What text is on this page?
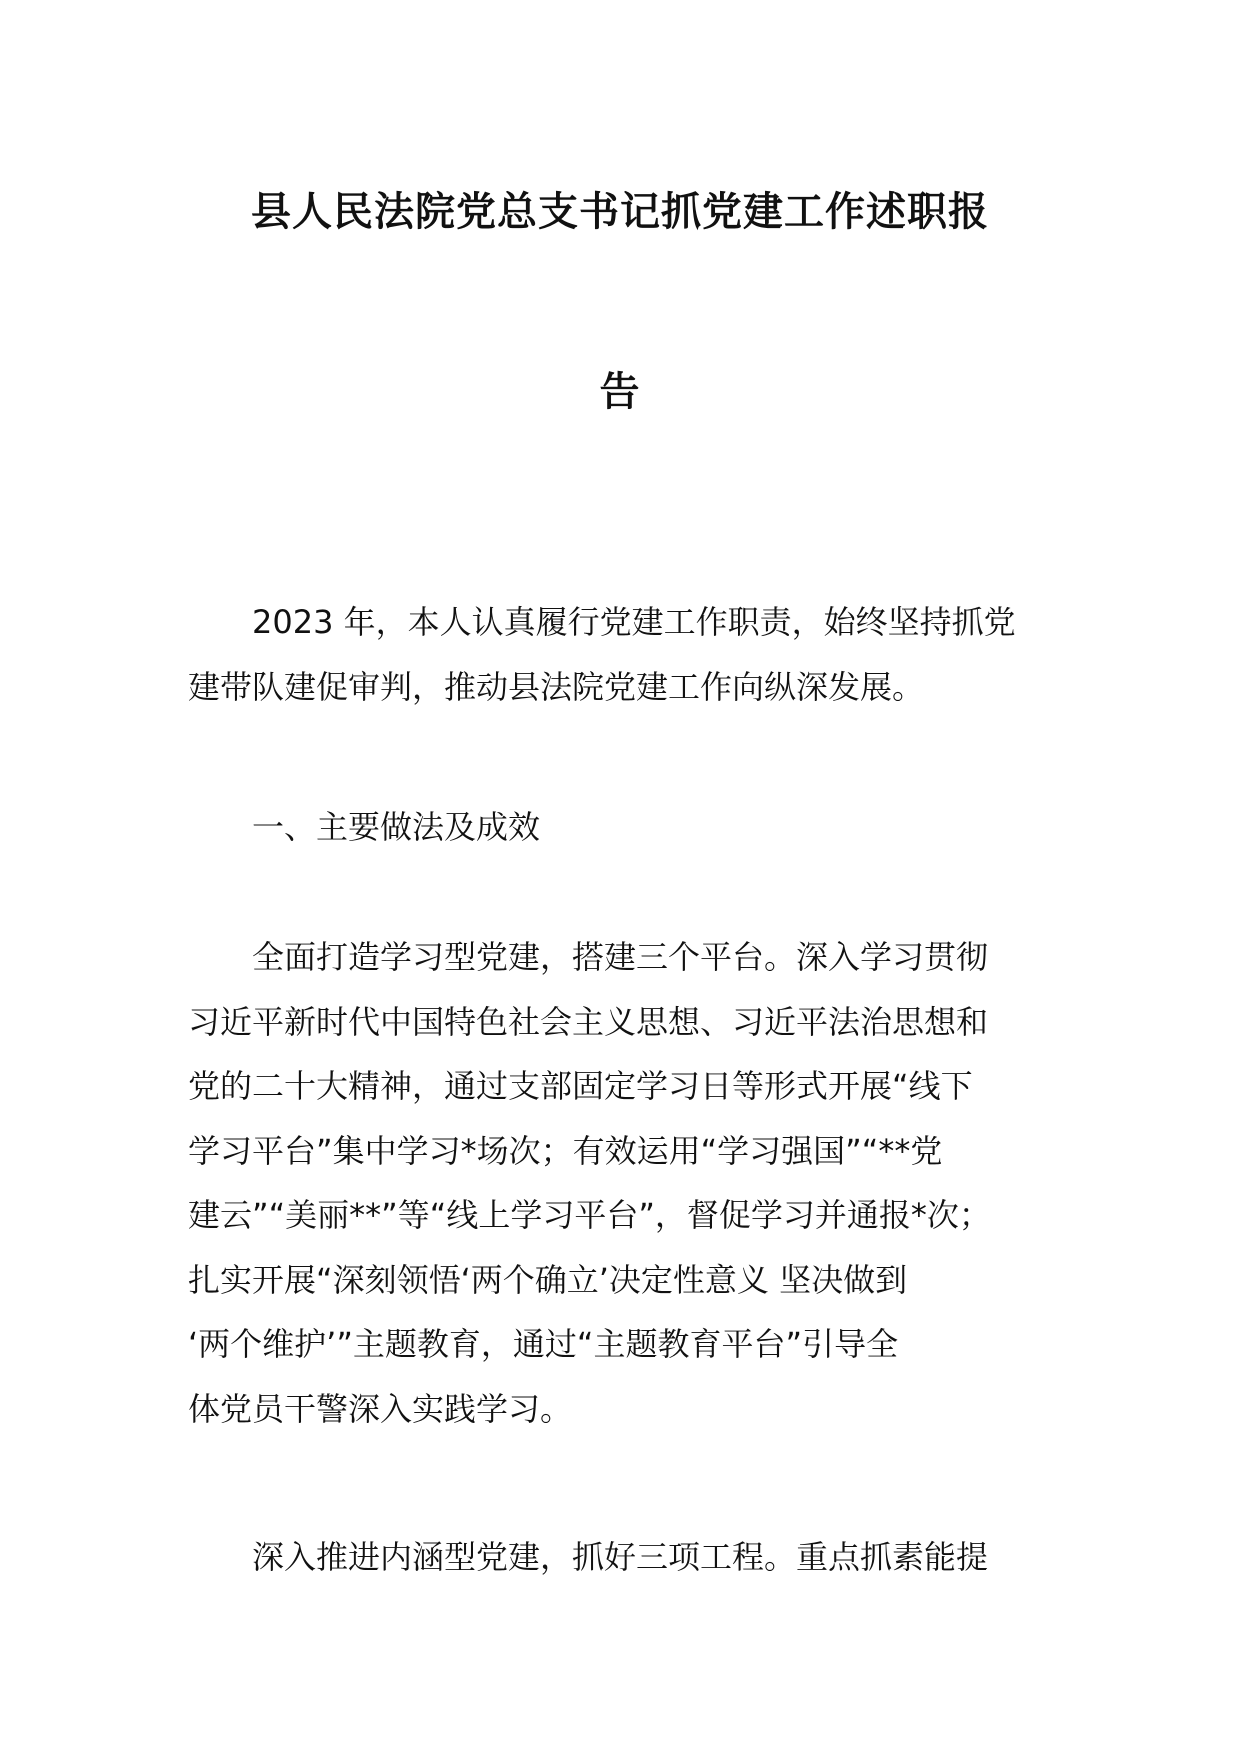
县人民法院党总支书记抓党建工作述职报
告
2023 年，本人认真履行党建工作职责，始终坚持抓党
建带队建促审判，推动县法院党建工作向纵深发展。
一、主要做法及成效
全面打造学习型党建，搭建三个平台。深入学习贯彻
习近平新时代中国特色社会主义思想、习近平法治思想和
党的二十大精神，通过支部固定学习日等形式开展“线下
学习平台”集中学习*场次；有效运用“学习强国”“**党
建云”“美丽**”等“线上学习平台”，督促学习并通报*次；
扎实开展“深刻领悟‘两个确立’决定性意义 坚决做到
‘两个维护’”主题教育，通过“主题教育平台”引导全
体党员干警深入实践学习。
深入推进内涵型党建，抓好三项工程。重点抓素能提
